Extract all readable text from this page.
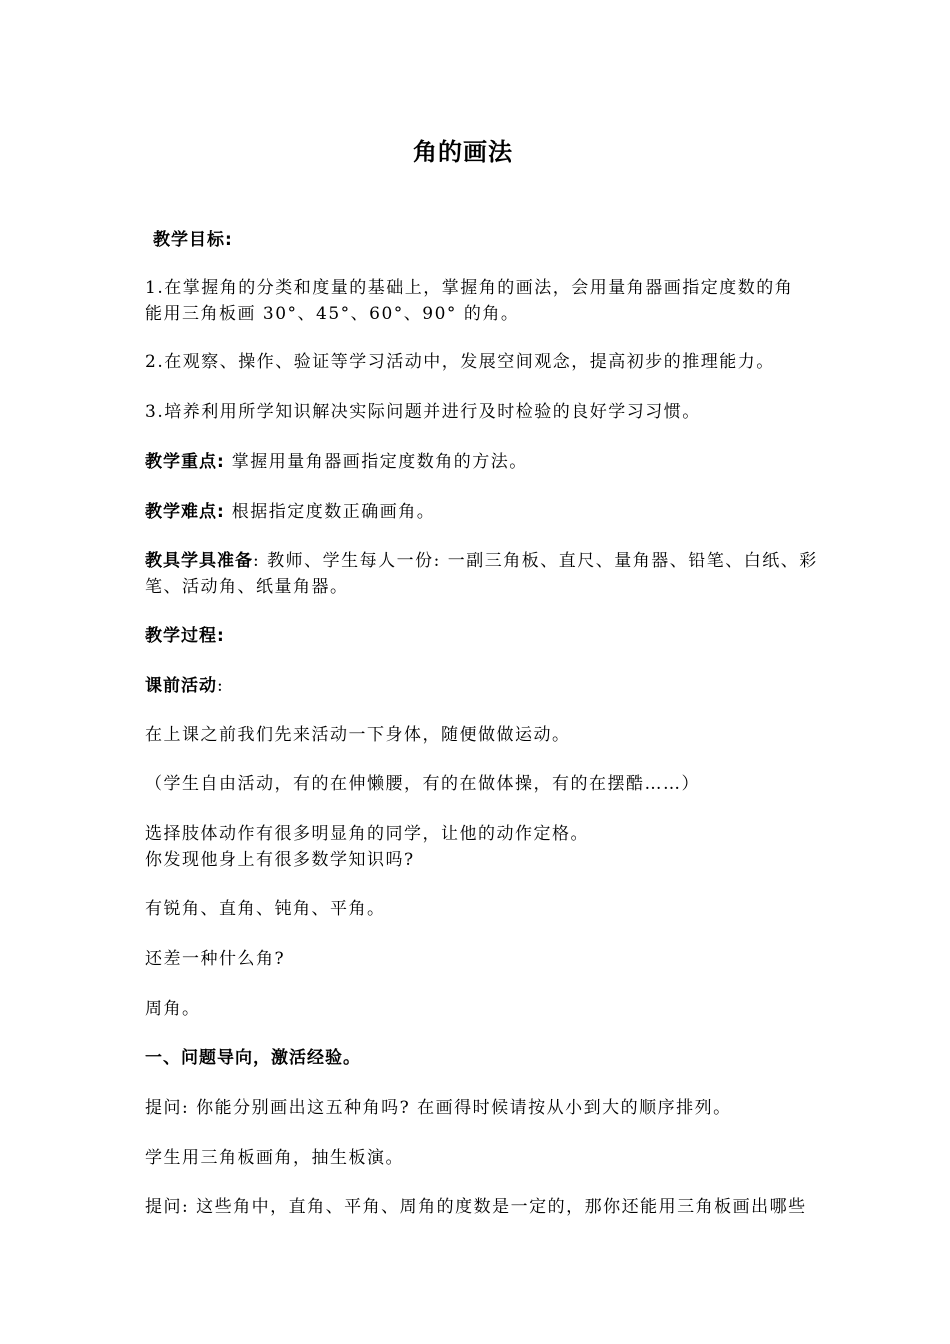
角的画法
教学目标:
1.在掌握角的分类和度量的基础上，掌握角的画法，会用量角器画指定度数的角
能用三角板画 30°、45°、60°、90° 的角。
2.在观察、操作、验证等学习活动中，发展空间观念，提高初步的推理能力。
3.培养利用所学知识解决实际问题并进行及时检验的良好学习习惯。
教学重点: 掌握用量角器画指定度数角的方法。
教学难点: 根据指定度数正确画角。
教具学具准备: 教师、学生每人一份: 一副三角板、直尺、量角器、铅笔、白纸、彩
笔、活动角、纸量角器。
教学过程:
课前活动:
在上课之前我们先来活动一下身体，随便做做运动。
（学生自由活动，有的在伸懒腰，有的在做体操，有的在摆酷……）
选择肢体动作有很多明显角的同学，让他的动作定格。
你发现他身上有很多数学知识吗?
有锐角、直角、钝角、平角。
还差一种什么角?
周角。
一、问题导向，激活经验。
提问: 你能分别画出这五种角吗? 在画得时候请按从小到大的顺序排列。
学生用三角板画角，抽生板演。
提问: 这些角中，直角、平角、周角的度数是一定的，那你还能用三角板画出哪些
